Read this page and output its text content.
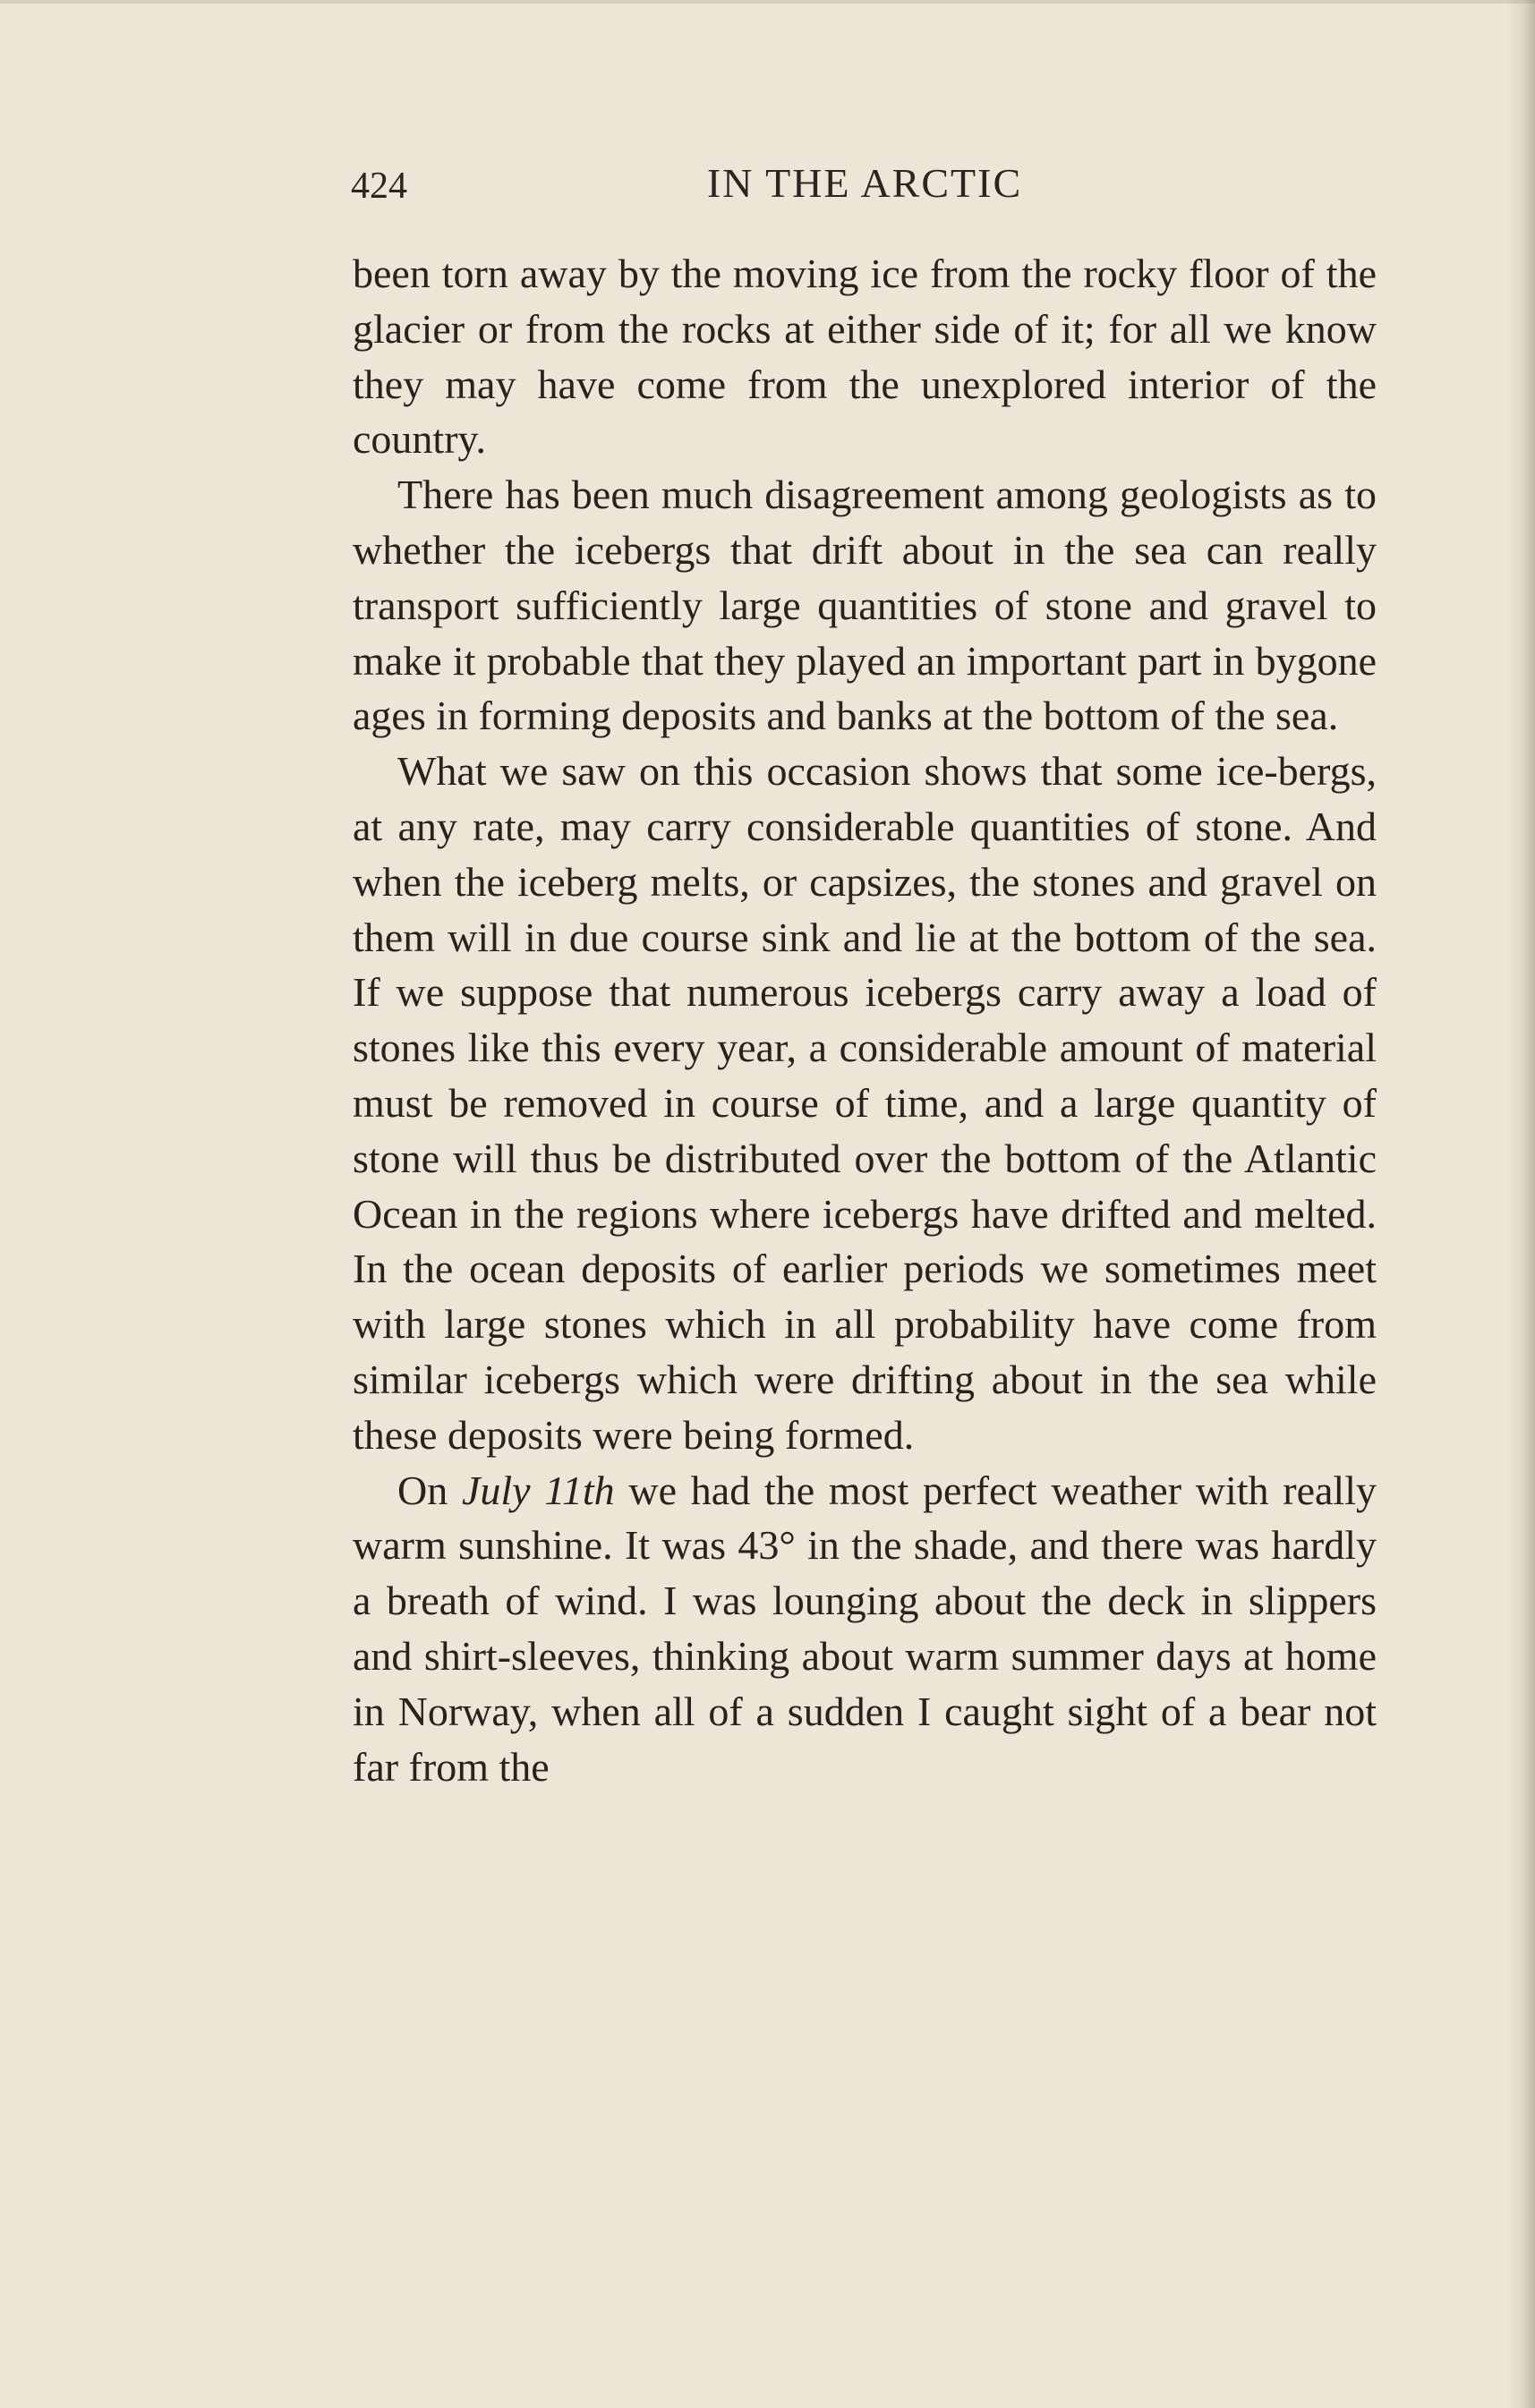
424	IN THE ARCTIC

been torn away by the moving ice from the rocky floor of the glacier or from the rocks at either side of it; for all we know they may have come from the unexplored interior of the country.

There has been much disagreement among geologists as to whether the icebergs that drift about in the sea can really transport sufficiently large quantities of stone and gravel to make it probable that they played an important part in bygone ages in forming deposits and banks at the bottom of the sea.

What we saw on this occasion shows that some ice-bergs, at any rate, may carry considerable quantities of stone. And when the iceberg melts, or capsizes, the stones and gravel on them will in due course sink and lie at the bottom of the sea. If we suppose that numerous icebergs carry away a load of stones like this every year, a considerable amount of material must be removed in course of time, and a large quantity of stone will thus be distributed over the bottom of the Atlantic Ocean in the regions where icebergs have drifted and melted. In the ocean deposits of earlier periods we sometimes meet with large stones which in all probability have come from similar icebergs which were drifting about in the sea while these deposits were being formed.

On July 11th we had the most perfect weather with really warm sunshine. It was 43° in the shade, and there was hardly a breath of wind. I was lounging about the deck in slippers and shirt-sleeves, thinking about warm summer days at home in Norway, when all of a sudden I caught sight of a bear not far from the
